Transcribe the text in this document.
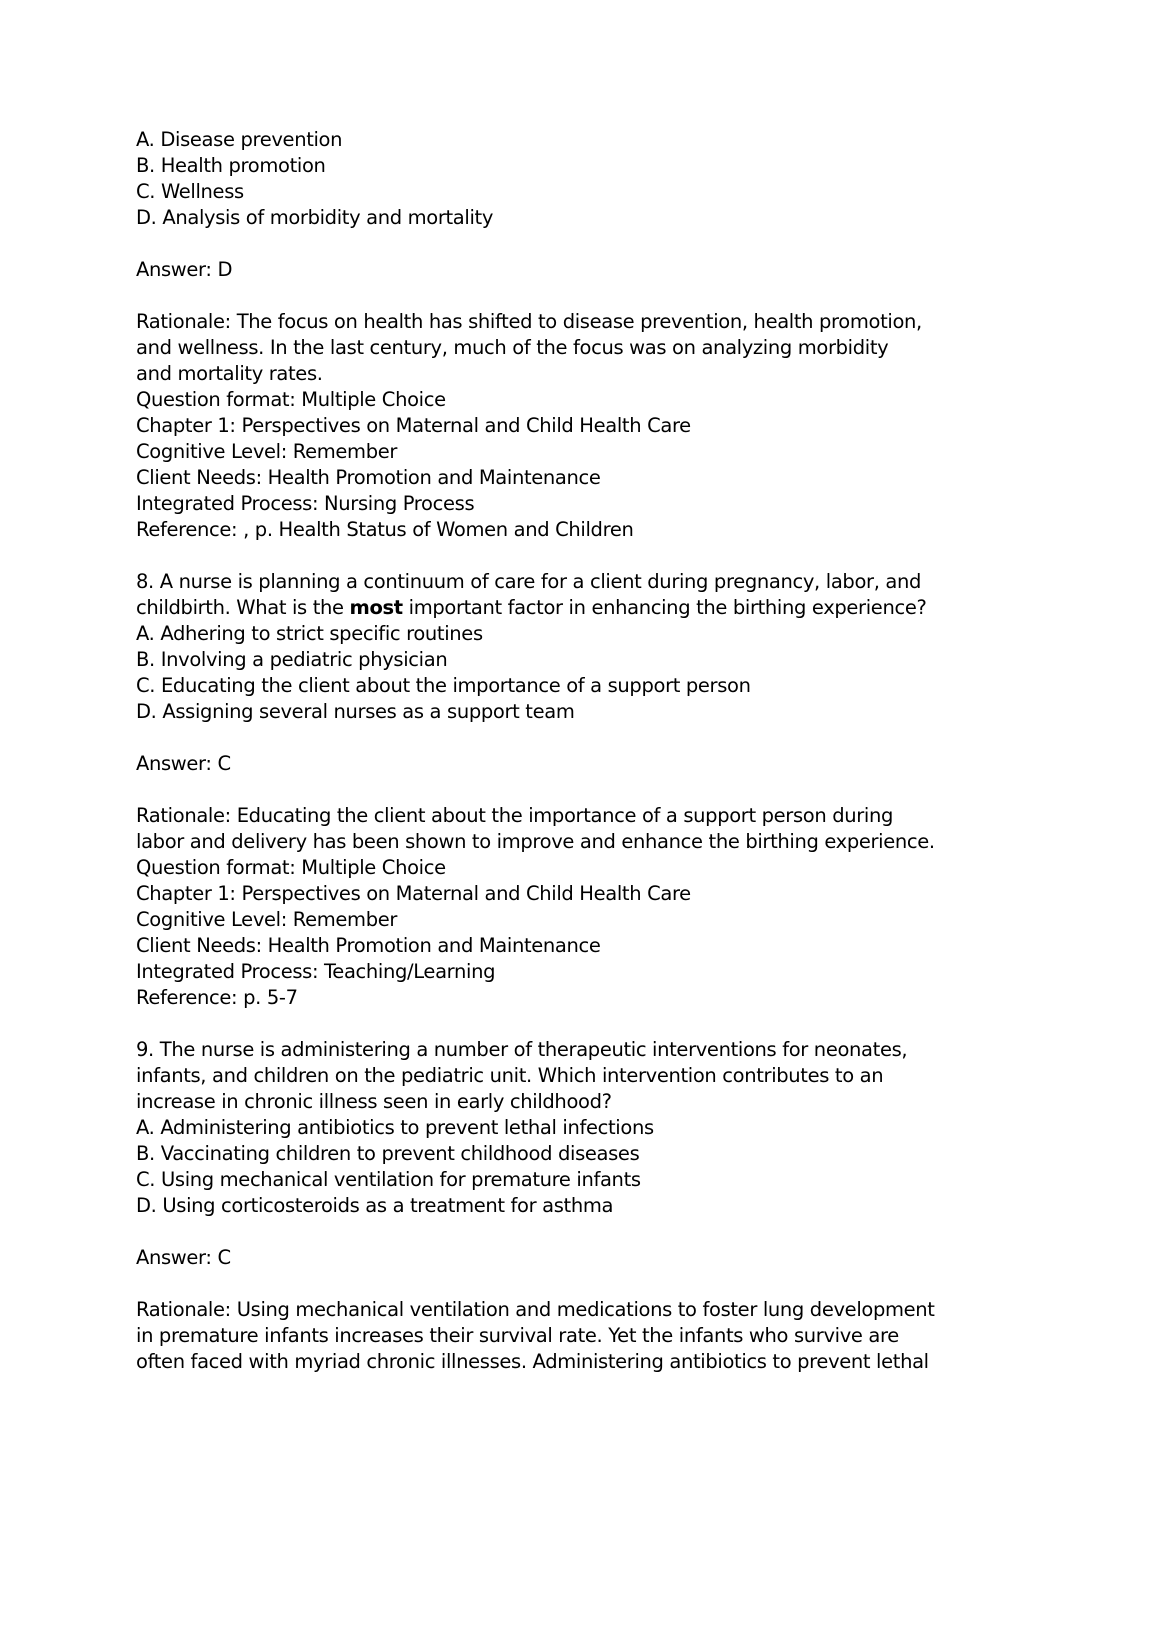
A. Disease prevention
B. Health promotion
C. Wellness
D. Analysis of morbidity and mortality

Answer: D

Rationale: The focus on health has shifted to disease prevention, health promotion,
and wellness. In the last century, much of the focus was on analyzing morbidity
and mortality rates.
Question format: Multiple Choice
Chapter 1: Perspectives on Maternal and Child Health Care
Cognitive Level: Remember
Client Needs: Health Promotion and Maintenance
Integrated Process: Nursing Process
Reference: , p. Health Status of Women and Children

8. A nurse is planning a continuum of care for a client during pregnancy, labor, and
childbirth. What is the most important factor in enhancing the birthing experience?
A. Adhering to strict specific routines
B. Involving a pediatric physician
C. Educating the client about the importance of a support person
D. Assigning several nurses as a support team

Answer: C

Rationale: Educating the client about the importance of a support person during
labor and delivery has been shown to improve and enhance the birthing experience.
Question format: Multiple Choice
Chapter 1: Perspectives on Maternal and Child Health Care
Cognitive Level: Remember
Client Needs: Health Promotion and Maintenance
Integrated Process: Teaching/Learning
Reference: p. 5-7

9. The nurse is administering a number of therapeutic interventions for neonates,
infants, and children on the pediatric unit. Which intervention contributes to an
increase in chronic illness seen in early childhood?
A. Administering antibiotics to prevent lethal infections
B. Vaccinating children to prevent childhood diseases
C. Using mechanical ventilation for premature infants
D. Using corticosteroids as a treatment for asthma

Answer: C

Rationale: Using mechanical ventilation and medications to foster lung development
in premature infants increases their survival rate. Yet the infants who survive are
often faced with myriad chronic illnesses. Administering antibiotics to prevent lethal
